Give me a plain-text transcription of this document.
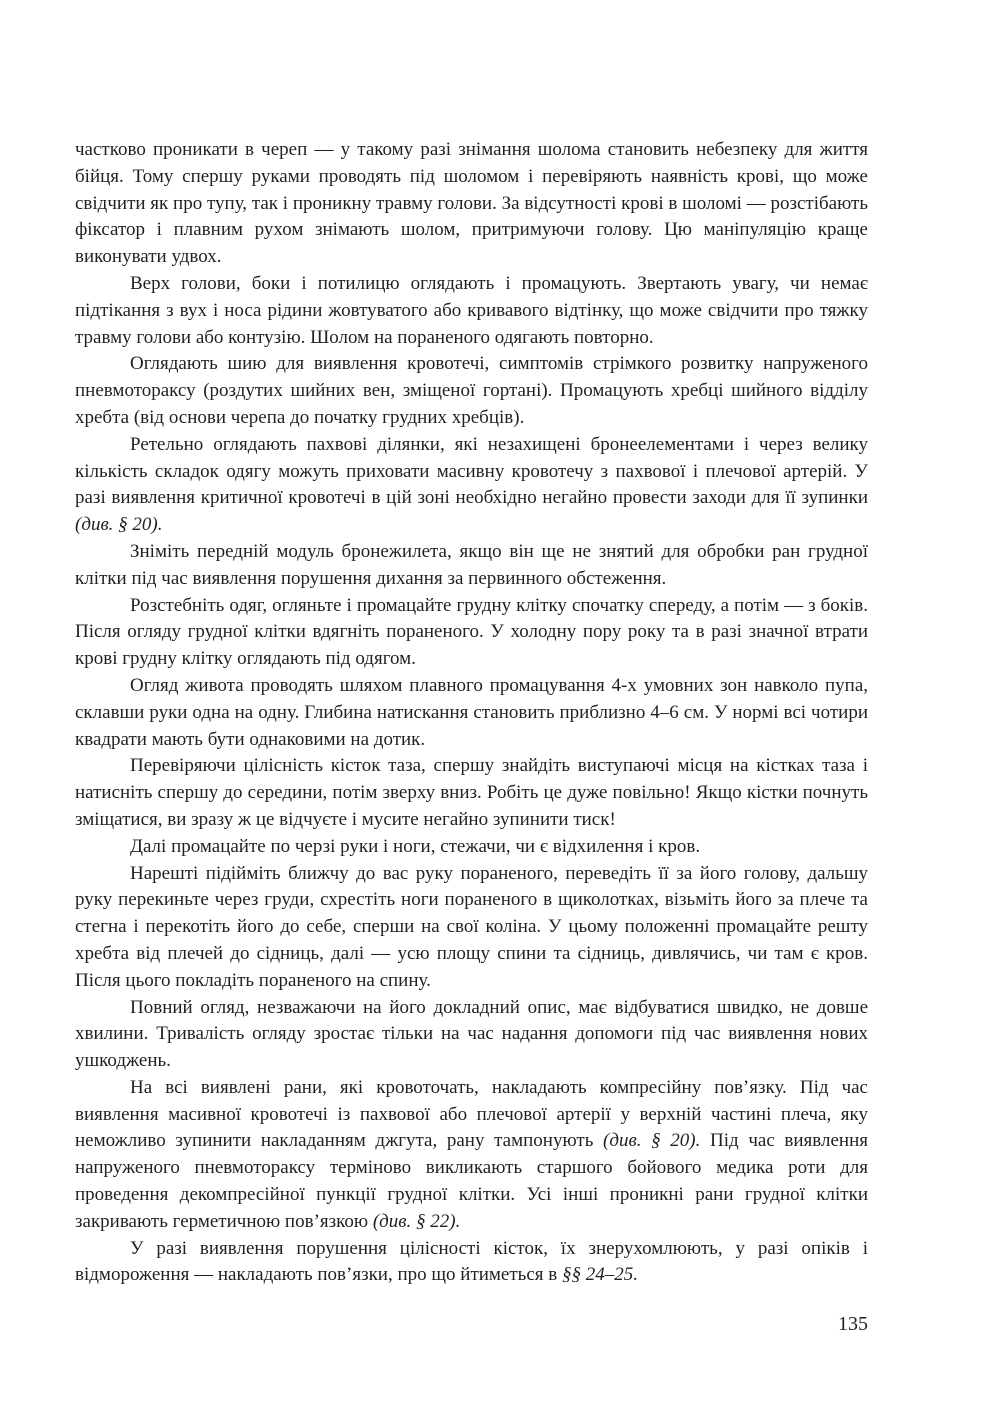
частково проникати в череп — у такому разі знімання шолома становить небезпеку для життя бійця. Тому спершу руками проводять під шоломом і перевіряють наявність крові, що може свідчити як про тупу, так і проникну травму голови. За відсутності крові в шоломі — розстібають фіксатор і плавним рухом знімають шолом, притримуючи голову. Цю маніпуляцію краще виконувати удвох.

Верх голови, боки і потилицю оглядають і промацують. Звертають увагу, чи немає підтікання з вух і носа рідини жовтуватого або кривавого відтінку, що може свідчити про тяжку травму голови або контузію. Шолом на пораненого одягають повторно.

Оглядають шию для виявлення кровотечі, симптомів стрімкого розвитку напруженого пневмотораксу (роздутих шийних вен, зміщеної гортані). Промацують хребці шийного відділу хребта (від основи черепа до початку грудних хребців).

Ретельно оглядають пахвові ділянки, які незахищені бронеелементами і через велику кількість складок одягу можуть приховати масивну кровотечу з пахвової і плечової артерій. У разі виявлення критичної кровотечі в цій зоні необхідно негайно провести заходи для її зупинки (див. § 20).

Зніміть передній модуль бронежилета, якщо він ще не знятий для обробки ран грудної клітки під час виявлення порушення дихання за первинного обстеження.

Розстебніть одяг, огляньте і промацайте грудну клітку спочатку спереду, а потім — з боків. Після огляду грудної клітки вдягніть пораненого. У холодну пору року та в разі значної втрати крові грудну клітку оглядають під одягом.

Огляд живота проводять шляхом плавного промацування 4-х умовних зон навколо пупа, склавши руки одна на одну. Глибина натискання становить приблизно 4–6 см. У нормі всі чотири квадрати мають бути однаковими на дотик.

Перевіряючи цілісність кісток таза, спершу знайдіть виступаючі місця на кістках таза і натисніть спершу до середини, потім зверху вниз. Робіть це дуже повільно! Якщо кістки почнуть зміщатися, ви зразу ж це відчуєте і мусите негайно зупинити тиск!

Далі промацайте по черзі руки і ноги, стежачи, чи є відхилення і кров.

Нарешті підійміть ближчу до вас руку пораненого, переведіть її за його голову, дальшу руку перекиньте через груди, схрестіть ноги пораненого в щиколотках, візьміть його за плече та стегна і перекотіть його до себе, сперши на свої коліна. У цьому положенні промацайте решту хребта від плечей до сідниць, далі — усю площу спини та сідниць, дивлячись, чи там є кров. Після цього покладіть пораненого на спину.

Повний огляд, незважаючи на його докладний опис, має відбуватися швидко, не довше хвилини. Тривалість огляду зростає тільки на час надання допомоги під час виявлення нових ушкоджень.

На всі виявлені рани, які кровоточать, накладають компресійну пов’язку. Під час виявлення масивної кровотечі із пахвової або плечової артерії у верхній частині плеча, яку неможливо зупинити накладанням джгута, рану тампонують (див. § 20). Під час виявлення напруженого пневмотораксу терміново викликають старшого бойового медика роти для проведення декомпресійної пункції грудної клітки. Усі інші проникні рани грудної клітки закривають герметичною пов’язкою (див. § 22).

У разі виявлення порушення цілісності кісток, їх знерухомлюють, у разі опіків і відмороження — накладають пов’язки, про що йтиметься в §§ 24–25.

135
